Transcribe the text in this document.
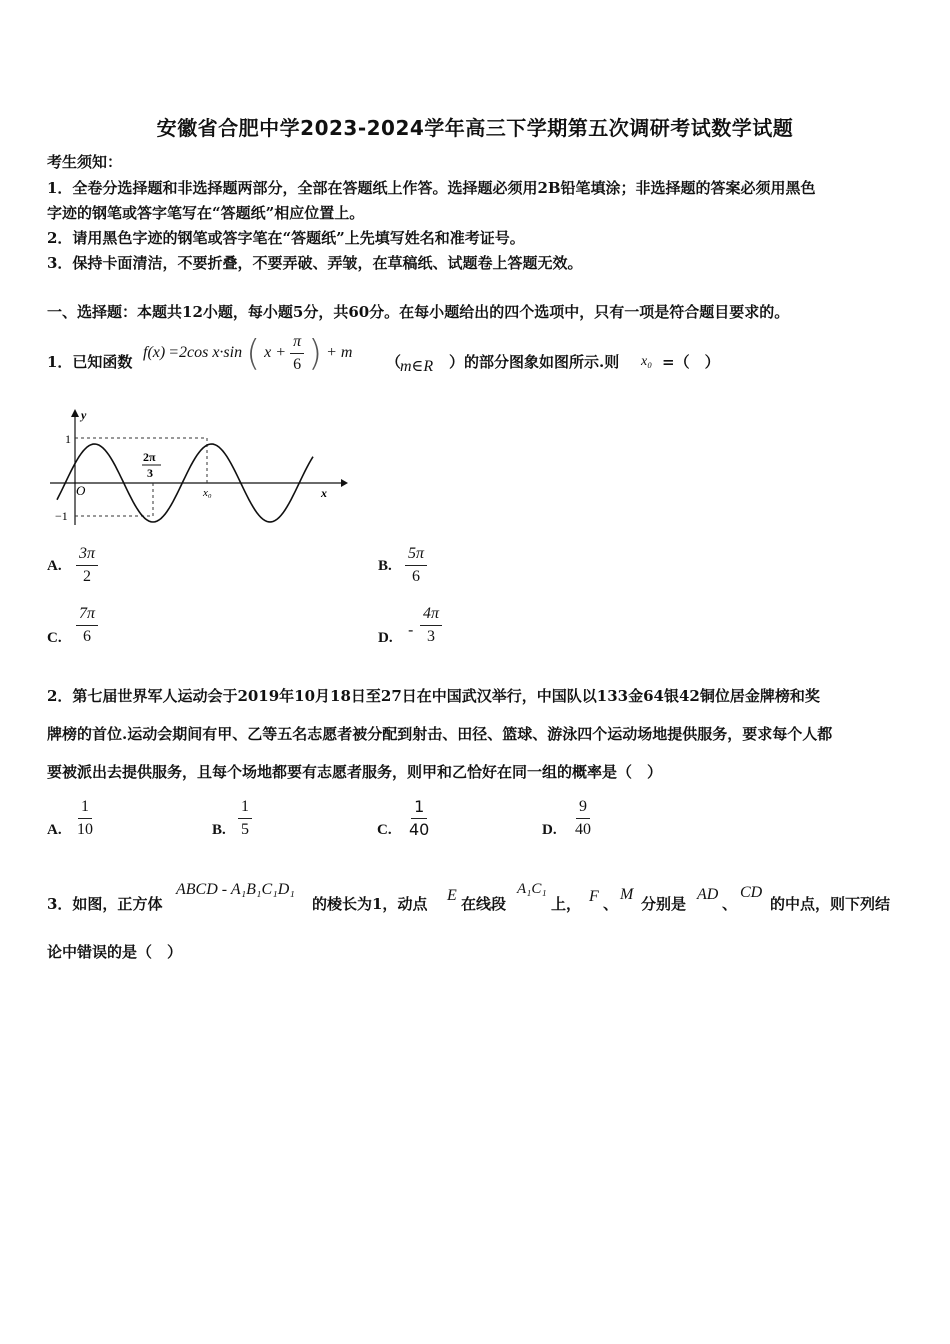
安徽省合肥中学2023-2024学年高三下学期第五次调研考试数学试题
考生须知：
1．全卷分选择题和非选择题两部分，全部在答题纸上作答。选择题必须用2B铅笔填涂；非选择题的答案必须用黑色
字迹的钢笔或答字笔写在“答题纸”相应位置上。
2．请用黑色字迹的钢笔或答字笔在“答题纸”上先填写姓名和准考证号。
3．保持卡面清洁，不要折叠，不要弄破、弄皱，在草稿纸、试题卷上答题无效。
一、选择题：本题共12小题，每小题5分，共60分。在每小题给出的四个选项中，只有一项是符合题目要求的。
1．已知函数
f(x) =2cos x·sin ( $x + \frac{\pi}{6}$ ) + m
（
m∈R ）的部分图象如图所示.则 x₀ =（　）
y
x
O
1
−1
2π
3
x₀
A. $\frac{3\pi}{2}$	B. $\frac{5\pi}{6}$
C. $\frac{7\pi}{6}$	D. - $\frac{4\pi}{3}$
2．第七届世界军人运动会于2019年10月18日至27日在中国武汉举行，中国队以133金64银42铜位居金牌榜和奖
牌榜的首位.运动会期间有甲、乙等五名志愿者被分配到射击、田径、篮球、游泳四个运动场地提供服务，要求每个人都
要被派出去提供服务，且每个场地都要有志愿者服务，则甲和乙恰好在同一组的概率是（　）
A. $\frac{1}{10}$	B. $\frac{1}{5}$	C. $\frac{1}{40}$	D. $\frac{9}{40}$
3．如图，正方体
ABCD - A₁B₁C₁D₁
的棱长为1，动点 E 在线段
A₁C₁
上， F 、
M
分别是
AD
、
CD
的中点，则下列结
论中错误的是（　）
